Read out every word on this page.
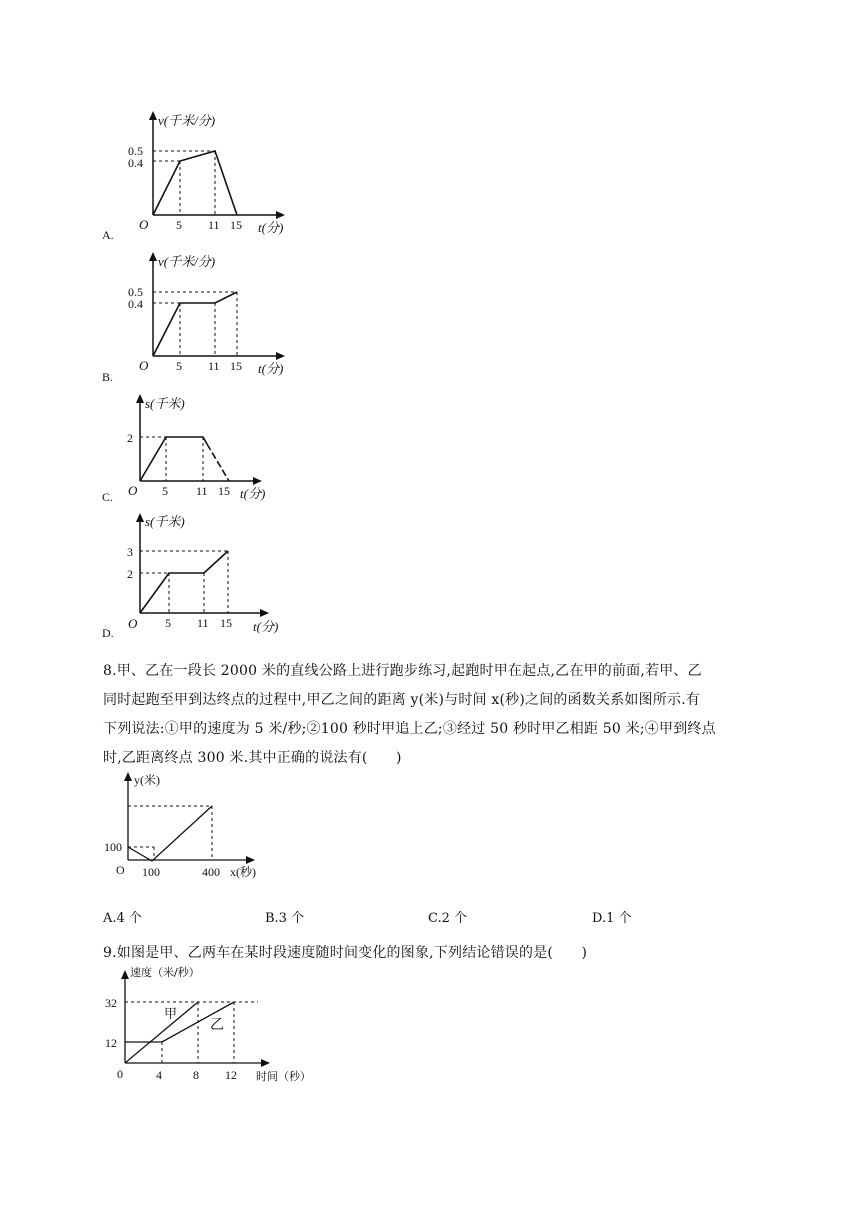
A.
v(千米/分)
0.5
0.4
O 5 11 15 t(分)
B.
v(千米/分)
0.5
0.4
O 5 11 15 t(分)
C.
s(千米)
2
O 5 11 15 t(分)
D.
s(千米)
3
2
O 5 11 15 t(分)
8.甲、乙在一段长 2000 米的直线公路上进行跑步练习,起跑时甲在起点,乙在甲的前面,若甲、乙
同时起跑至甲到达终点的过程中,甲乙之间的距离 y(米)与时间 x(秒)之间的函数关系如图所示.有
下列说法:①甲的速度为 5 米/秒;②100 秒时甲追上乙;③经过 50 秒时甲乙相距 50 米;④甲到终点
时,乙距离终点 300 米.其中正确的说法有(　　)
y(米)
100
O 100	400 x(秒)
A.4 个	B.3 个	C.2 个	D.1 个
9.如图是甲、乙两车在某时段速度随时间变化的图象,下列结论错误的是(　　)
速度（米/秒）
32
12
0	4	8 12 时间（秒）
甲
乙
